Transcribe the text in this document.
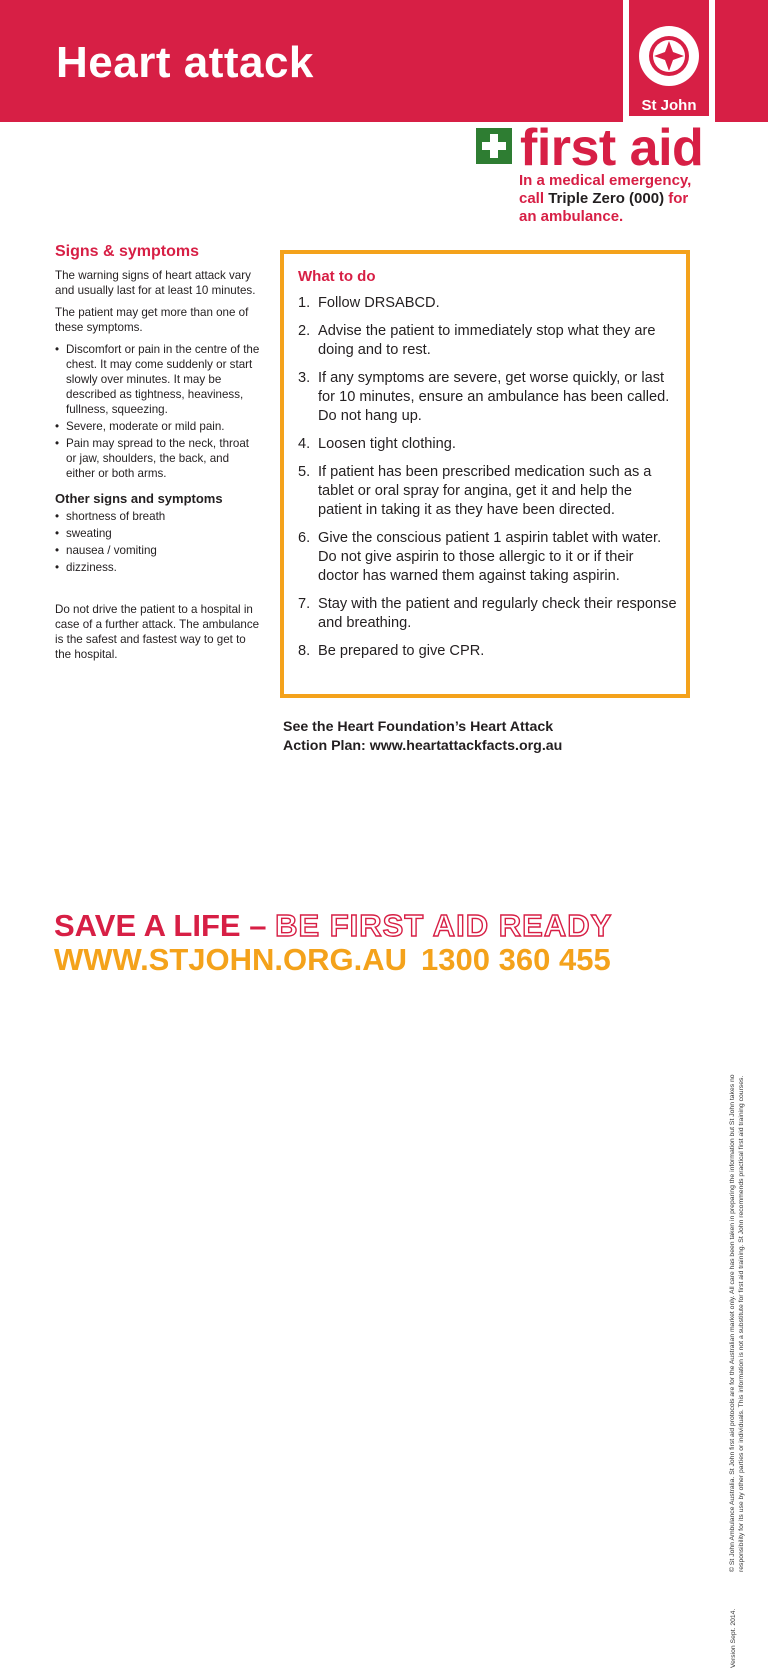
Heart attack
St John
first aid
In a medical emergency,
call Triple Zero (000) for
an ambulance.
Signs & symptoms

The warning signs of heart attack vary and usually last for at least 10 minutes.

The patient may get more than one of these symptoms.

• Discomfort or pain in the centre of the chest. It may come suddenly or start slowly over minutes. It may be described as tightness, heaviness, fullness, squeezing.
• Severe, moderate or mild pain.
• Pain may spread to the neck, throat or jaw, shoulders, the back, and either or both arms.
Other signs and symptoms
• shortness of breath
• sweating
• nausea / vomiting
• dizziness.

Do not drive the patient to a hospital in case of a further attack. The ambulance is the safest and fastest way to get to the hospital.

What to do
1. Follow DRSABCD.
2. Advise the patient to immediately stop what they are doing and to rest.
3. If any symptoms are severe, get worse quickly, or last for 10 minutes, ensure an ambulance has been called. Do not hang up.
4. Loosen tight clothing.
5. If patient has been prescribed medication such as a tablet or oral spray for angina, get it and help the patient in taking it as they have been directed.
6. Give the conscious patient 1 aspirin tablet with water. Do not give aspirin to those allergic to it or if their doctor has warned them against taking aspirin.
7. Stay with the patient and regularly check their response and breathing.
8. Be prepared to give CPR.
See the Heart Foundation’s Heart Attack
Action Plan: www.heartattackfacts.org.au
Version Sept. 2014.
© St John Ambulance Australia. St John first aid protocols are for the Australian market only. All care has been taken in preparing the information but St John takes no responsibility for its use by other parties or individuals. This information is not a substitute for first aid training. St John recommends practical first aid training courses.
SAVE A LIFE – BE FIRST AID READY
WWW.STJOHN.ORG.AU 1300 360 455
